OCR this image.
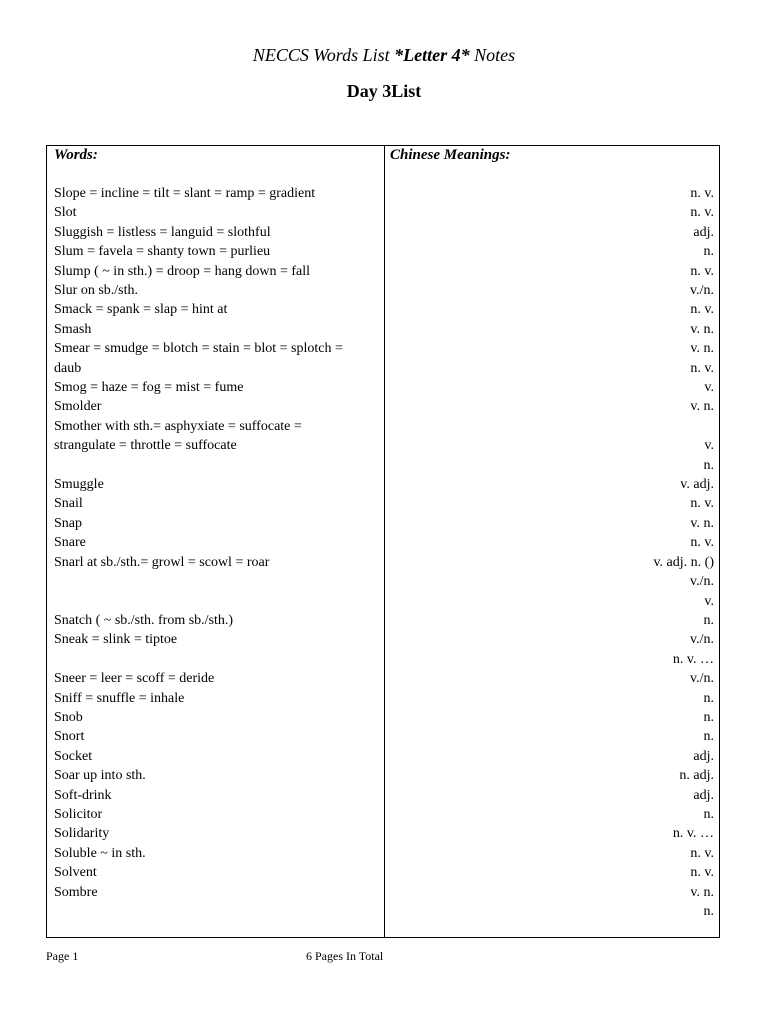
NECCS Words List *Letter 4* Notes
Day 3List
Words:
Slope = incline = tilt = slant = ramp = gradient
Slot
Sluggish = listless = languid = slothful
Slum = favela = shanty town = purlieu
Slump ( ~ in sth.) = droop = hang down = fall
Slur on sb./sth.
Smack = spank = slap = hint at
Smash
Smear = smudge = blotch = stain = blot = splotch =
daub
Smog = haze = fog = mist = fume
Smolder
Smother with sth.= asphyxiate = suffocate =
strangulate = throttle = suffocate
Smuggle
Snail
Snap
Snare
Snarl at sb./sth.= growl = scowl = roar
Snatch ( ~ sb./sth. from sb./sth.)
Sneak = slink = tiptoe
Sneer = leer = scoff = deride
Sniff = snuffle = inhale
Snob
Snort
Socket
Soar up into sth.
Soft-drink
Solicitor
Solidarity
Soluble ~ in sth.
Solvent
Sombre
Chinese Meanings:
n. v.
n. v.
adj.
n.
n. v.
v./n.
n. v.
v. n.
v. n.
n. v.
v.
v. n.
v.
n.
v. adj.
n. v.
v. n.
n. v.
v. adj. n. ()
v./n.
v.
n.
v./n.
n. v. …
v./n.
n.
n.
n.
adj.
n. adj.
adj.
n.
n. v. …
n. v.
n. v.
v. n.
n.
Page 1	6 Pages In Total
